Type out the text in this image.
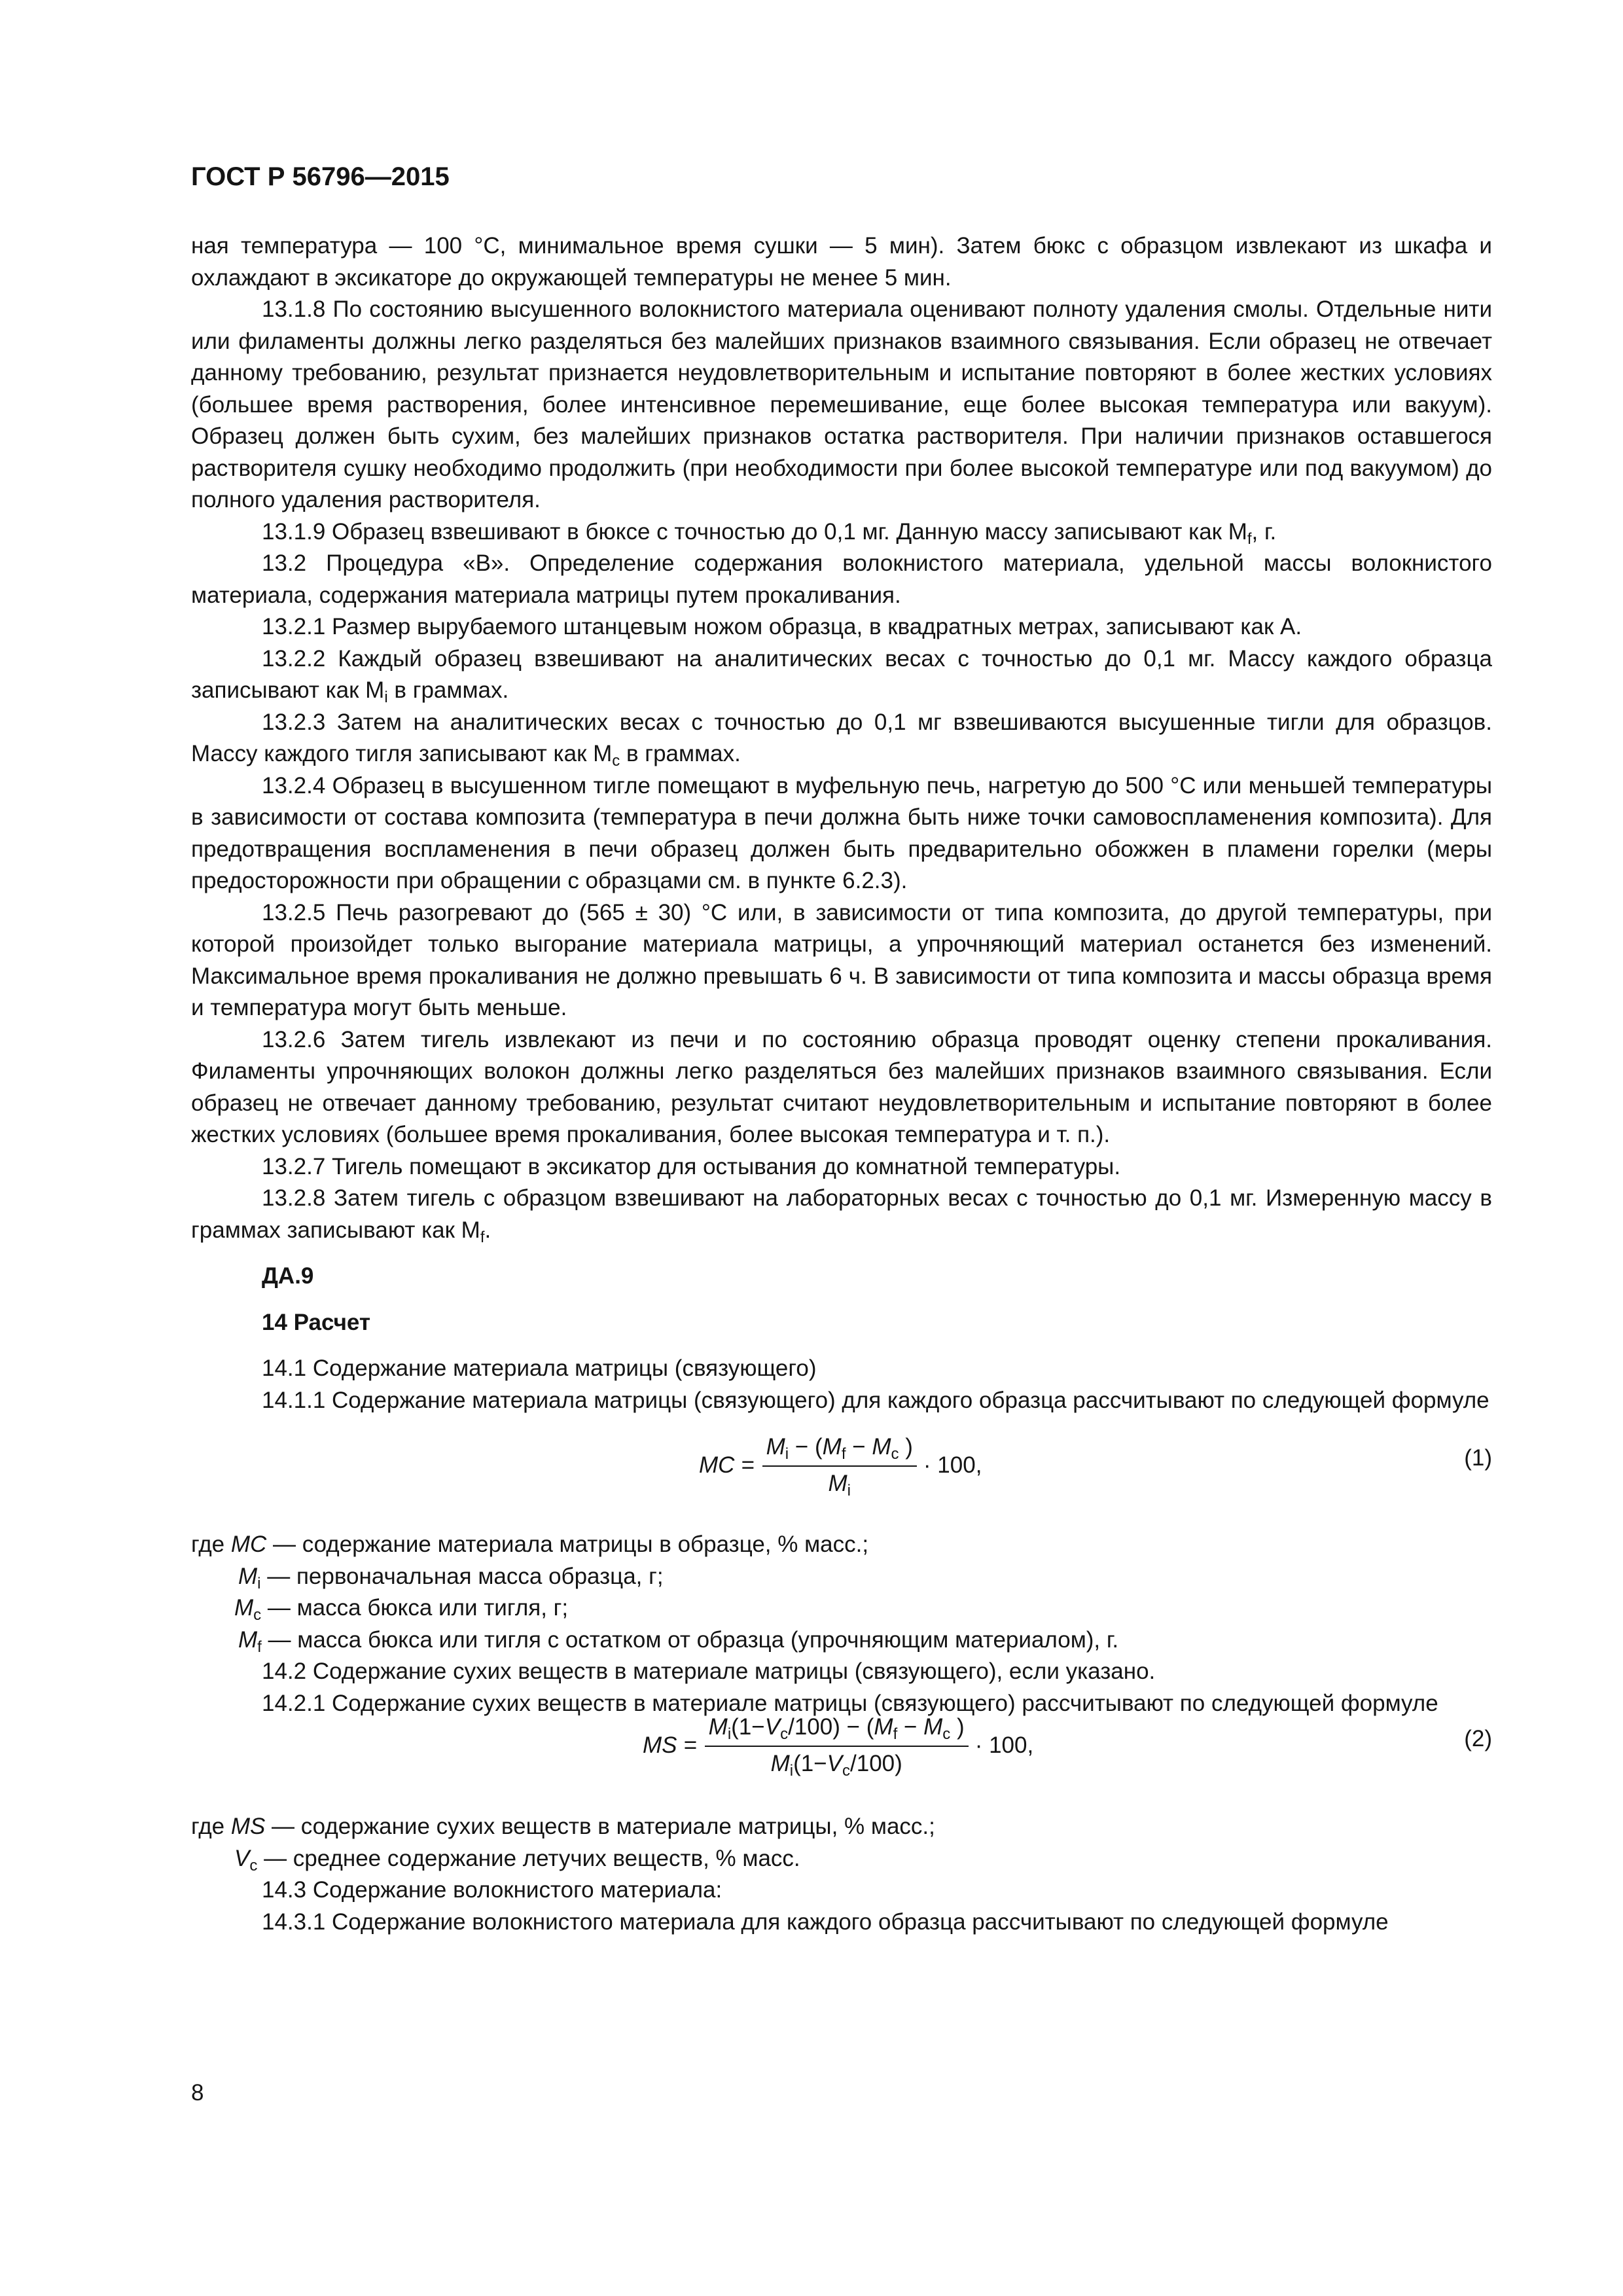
ГОСТ Р 56796—2015

ная температура — 100 °С, минимальное время сушки — 5 мин). Затем бюкс с образцом извлекают из шкафа и охлаждают в эксикаторе до окружающей температуры не менее 5 мин.

13.1.8 По состоянию высушенного волокнистого материала оценивают полноту удаления смолы. Отдельные нити или филаменты должны легко разделяться без малейших признаков взаимного связывания. Если образец не отвечает данному требованию, результат признается неудовлетворительным и испытание повторяют в более жестких условиях (большее время растворения, более интенсивное перемешивание, еще более высокая температура или вакуум). Образец должен быть сухим, без малейших признаков остатка растворителя. При наличии признаков оставшегося растворителя сушку необходимо продолжить (при необходимости при более высокой температуре или под вакуумом) до полного удаления растворителя.

13.1.9 Образец взвешивают в бюксе с точностью до 0,1 мг. Данную массу записывают как $M_f$, г.

13.2 Процедура «В». Определение содержания волокнистого материала, удельной массы волокнистого материала, содержания материала матрицы путем прокаливания.

13.2.1 Размер вырубаемого штанцевым ножом образца, в квадратных метрах, записывают как А.

13.2.2 Каждый образец взвешивают на аналитических весах с точностью до 0,1 мг. Массу каждого образца записывают как $M_i$ в граммах.

13.2.3 Затем на аналитических весах с точностью до 0,1 мг взвешиваются высушенные тигли для образцов. Массу каждого тигля записывают как $M_c$ в граммах.

13.2.4 Образец в высушенном тигле помещают в муфельную печь, нагретую до 500 °С или меньшей температуры в зависимости от состава композита (температура в печи должна быть ниже точки самовоспламенения композита). Для предотвращения воспламенения в печи образец должен быть предварительно обожжен в пламени горелки (меры предосторожности при обращении с образцами см. в пункте 6.2.3).

13.2.5 Печь разогревают до (565 ± 30) °С или, в зависимости от типа композита, до другой температуры, при которой произойдет только выгорание материала матрицы, а упрочняющий материал останется без изменений. Максимальное время прокаливания не должно превышать 6 ч. В зависимости от типа композита и массы образца время и температура могут быть меньше.

13.2.6 Затем тигель извлекают из печи и по состоянию образца проводят оценку степени прокаливания. Филаменты упрочняющих волокон должны легко разделяться без малейших признаков взаимного связывания. Если образец не отвечает данному требованию, результат считают неудовлетворительным и испытание повторяют в более жестких условиях (большее время прокаливания, более высокая температура и т. п.).

13.2.7 Тигель помещают в эксикатор для остывания до комнатной температуры.

13.2.8 Затем тигель с образцом взвешивают на лабораторных весах с точностью до 0,1 мг. Измеренную массу в граммах записывают как $M_f$.

ДА.9

14 Расчет

14.1 Содержание материала матрицы (связующего)

14.1.1 Содержание материала матрицы (связующего) для каждого образца рассчитывают по следующей формуле

MC = $\frac{M_i - (M_f - M_c )}{M_i} \cdot 100$,	(1)

где MC — содержание материала матрицы в образце, % масс.;

$M_i$ — первоначальная масса образца, г;

$M_c$ — масса бюкса или тигля, г;

$M_f$ — масса бюкса или тигля с остатком от образца (упрочняющим материалом), г.

14.2 Содержание сухих веществ в материале матрицы (связующего), если указано.

14.2.1 Содержание сухих веществ в материале матрицы (связующего) рассчитывают по следующей формуле

MS = $\frac{M_i(1-V_c/100) - (M_f - M_c )}{M_i(1-V_c/100)} \cdot 100$,	(2)

где MS — содержание сухих веществ в материале матрицы, % масс.;

$V_c$ — среднее содержание летучих веществ, % масс.

14.3 Содержание волокнистого материала:

14.3.1 Содержание волокнистого материала для каждого образца рассчитывают по следующей формуле

8
